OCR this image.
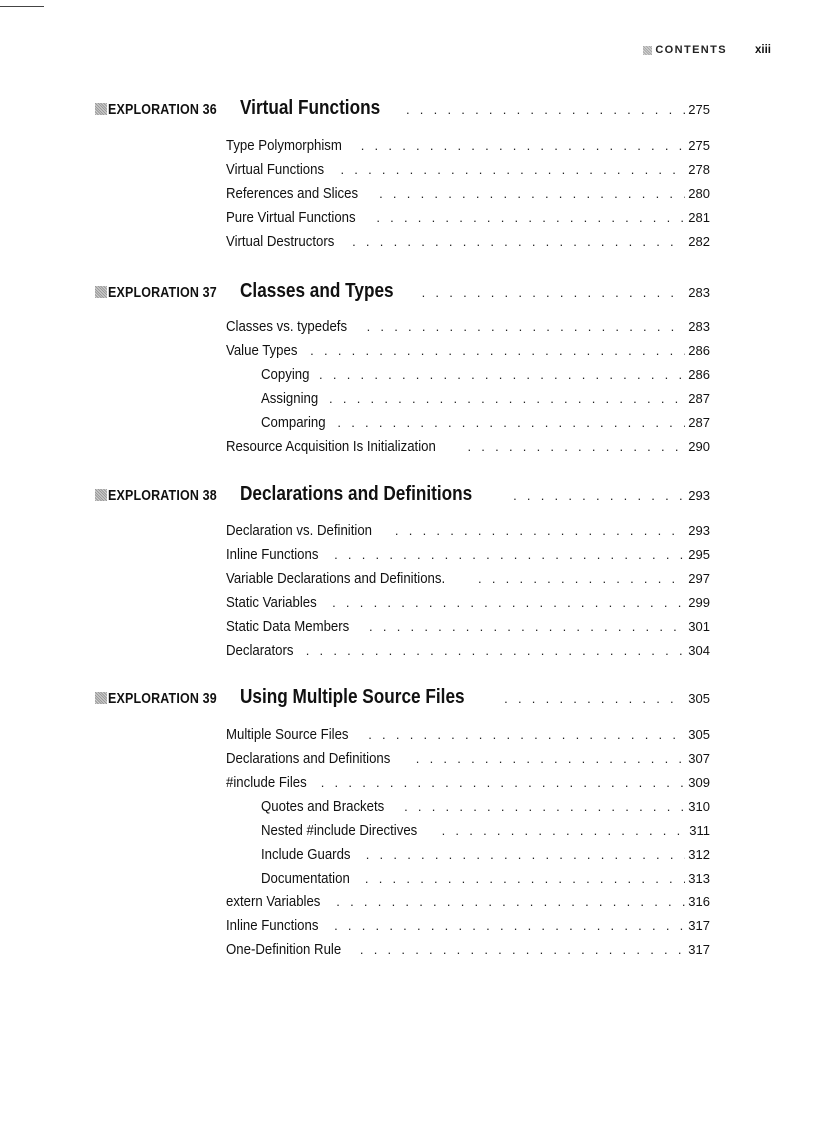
CONTENTS xiii
EXPLORATION 36 Virtual Functions . . .	275
Type Polymorphism . . .	275
Virtual Functions . . .	278
References and Slices . . .	280
Pure Virtual Functions . . .	281
Virtual Destructors . . .	282
EXPLORATION 37 Classes and Types . . .	283
Classes vs. typedefs . . .	283
Value Types . . .	286
Copying . . .	286
Assigning . . .	287
Comparing . . .	287
Resource Acquisition Is Initialization . . .	290
EXPLORATION 38 Declarations and Definitions . . .	293
Declaration vs. Definition . . .	293
Inline Functions . . .	295
Variable Declarations and Definitions. . . .	297
Static Variables . . .	299
Static Data Members . . .	301
Declarators . . .	304
EXPLORATION 39 Using Multiple Source Files . . .	305
Multiple Source Files . . .	305
Declarations and Definitions . . .	307
#include Files . . .	309
Quotes and Brackets . . .	310
Nested #include Directives . . .	311
Include Guards . . .	312
Documentation . . .	313
extern Variables . . .	316
Inline Functions . . .	317
One-Definition Rule . . .	317
